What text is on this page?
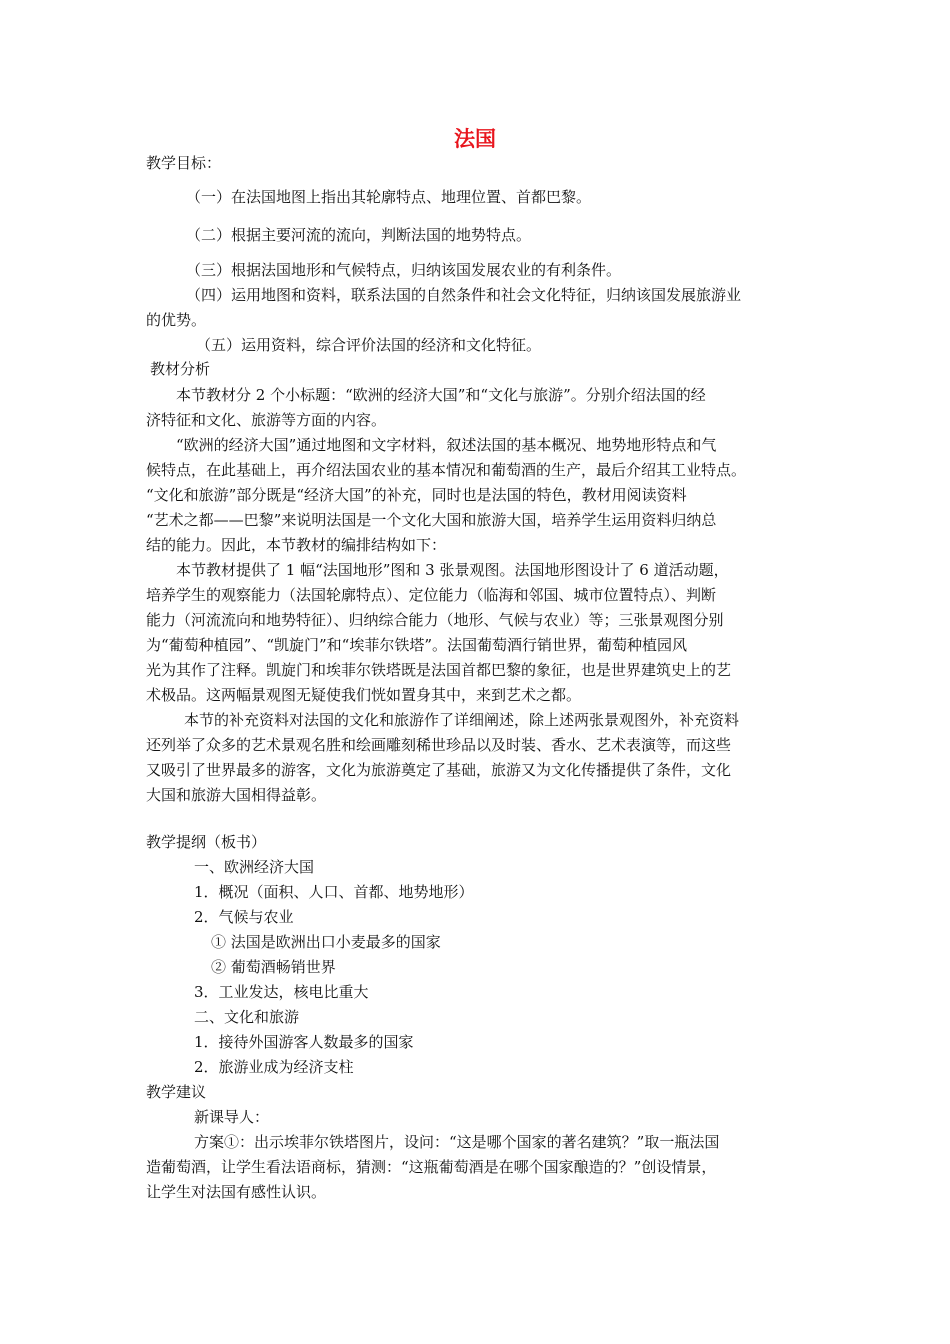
法国
教学目标：
（一）在法国地图上指出其轮廓特点、地理位置、首都巴黎。
（二）根据主要河流的流向，判断法国的地势特点。
（三）根据法国地形和气候特点，归纳该国发展农业的有利条件。
（四）运用地图和资料，联系法国的自然条件和社会文化特征，归纳该国发展旅游业
的优势。
（五）运用资料，综合评价法国的经济和文化特征。
教材分析
本节教材分 2 个小标题：“欧洲的经济大国”和“文化与旅游”。分别介绍法国的经
济特征和文化、旅游等方面的内容。
“欧洲的经济大国”通过地图和文字材料，叙述法国的基本概况、地势地形特点和气
候特点，在此基础上，再介绍法国农业的基本情况和葡萄酒的生产，最后介绍其工业特点。
“文化和旅游”部分既是“经济大国”的补充，同时也是法国的特色，教材用阅读资料
“艺术之都——巴黎”来说明法国是一个文化大国和旅游大国，培养学生运用资料归纳总
结的能力。因此，本节教材的编排结构如下：
本节教材提供了 1 幅“法国地形”图和 3 张景观图。法国地形图设计了 6 道活动题，
培养学生的观察能力（法国轮廓特点）、定位能力（临海和邻国、城市位置特点）、判断
能力（河流流向和地势特征）、归纳综合能力（地形、气候与农业）等；三张景观图分别
为“葡萄种植园”、“凯旋门”和“埃菲尔铁塔”。法国葡萄酒行销世界，葡萄种植园风
光为其作了注释。凯旋门和埃菲尔铁塔既是法国首都巴黎的象征，也是世界建筑史上的艺
术极品。这两幅景观图无疑使我们恍如置身其中，来到艺术之都。
本节的补充资料对法国的文化和旅游作了详细阐述，除上述两张景观图外，补充资料
还列举了众多的艺术景观名胜和绘画雕刻稀世珍品以及时装、香水、艺术表演等，而这些
又吸引了世界最多的游客，文化为旅游奠定了基础，旅游又为文化传播提供了条件，文化
大国和旅游大国相得益彰。
教学提纲（板书）
一、欧洲经济大国
1．概况（面积、人口、首都、地势地形）
2．气候与农业
① 法国是欧洲出口小麦最多的国家
② 葡萄酒畅销世界
3．工业发达，核电比重大
二、文化和旅游
1．接待外国游客人数最多的国家
2．旅游业成为经济支柱
教学建议
新课导人：
方案①：出示埃菲尔铁塔图片，设问：“这是哪个国家的著名建筑？”取一瓶法国
造葡萄酒，让学生看法语商标，猜测：“这瓶葡萄酒是在哪个国家酿造的？”创设情景，
让学生对法国有感性认识。
